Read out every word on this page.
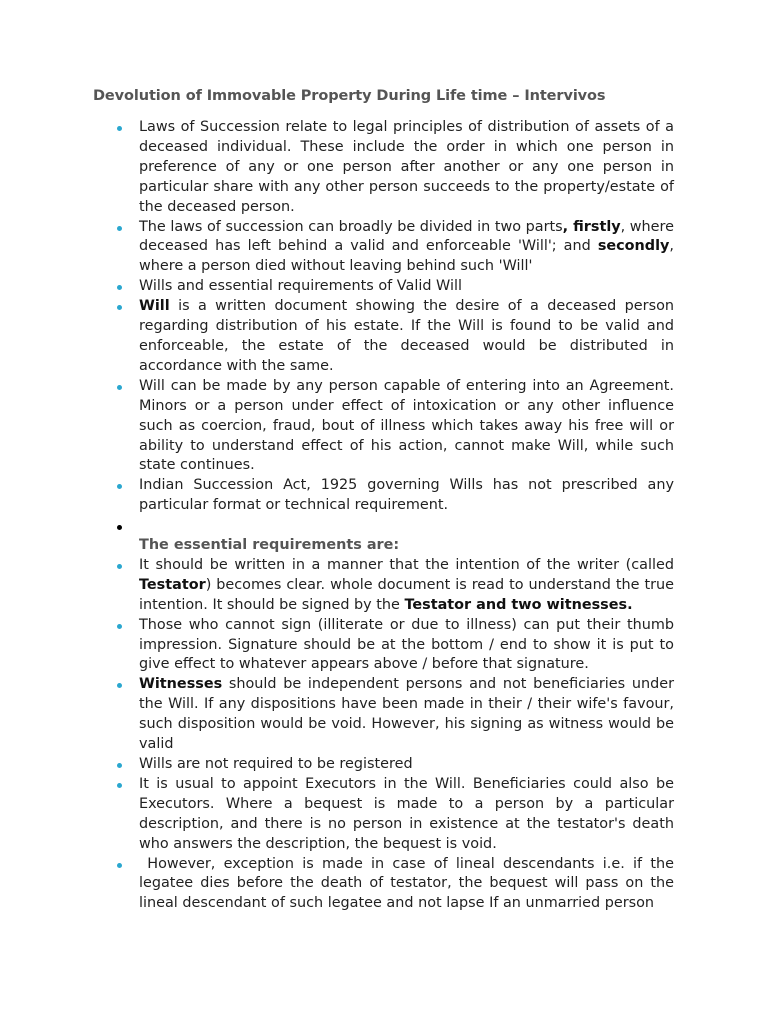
Devolution of Immovable Property During Life time – Intervivos
Laws of Succession relate to legal principles of distribution of assets of a deceased individual. These include the order in which one person in preference of any or one person after another or any one person in particular share with any other person succeeds to the property/estate of the deceased person.
The laws of succession can broadly be divided in two parts, firstly, where deceased has left behind a valid and enforceable 'Will'; and secondly, where a person died without leaving behind such 'Will'
Wills and essential requirements of Valid Will
Will is a written document showing the desire of a deceased person regarding distribution of his estate. If the Will is found to be valid and enforceable, the estate of the deceased would be distributed in accordance with the same.
Will can be made by any person capable of entering into an Agreement. Minors or a person under effect of intoxication or any other influence such as coercion, fraud, bout of illness which takes away his free will or ability to understand effect of his action, cannot make Will, while such state continues.
Indian Succession Act, 1925 governing Wills has not prescribed any particular format or technical requirement.
The essential requirements are:
It should be written in a manner that the intention of the writer (called Testator) becomes clear. whole document is read to understand the true intention. It should be signed by the Testator and two witnesses.
Those who cannot sign (illiterate or due to illness) can put their thumb impression. Signature should be at the bottom / end to show it is put to give effect to whatever appears above / before that signature.
Witnesses should be independent persons and not beneficiaries under the Will. If any dispositions have been made in their / their wife's favour, such disposition would be void. However, his signing as witness would be valid
Wills are not required to be registered
It is usual to appoint Executors in the Will. Beneficiaries could also be Executors. Where a bequest is made to a person by a particular description, and there is no person in existence at the testator's death who answers the description, the bequest is void.
However, exception is made in case of lineal descendants i.e. if the legatee dies before the death of testator, the bequest will pass on the lineal descendant of such legatee and not lapse If an unmarried person
